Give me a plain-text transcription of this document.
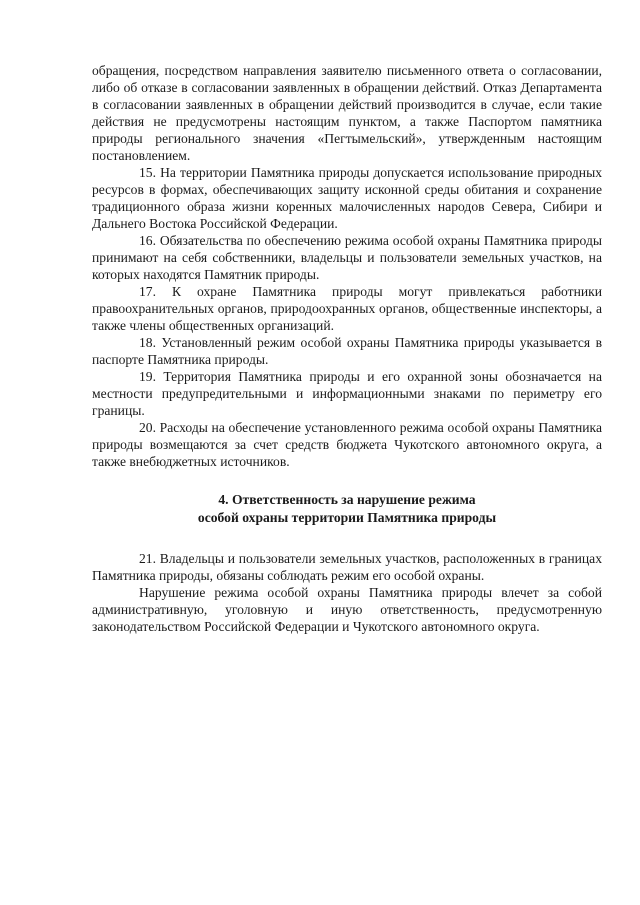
обращения, посредством направления заявителю письменного ответа о согласовании, либо об отказе в согласовании заявленных в обращении действий. Отказ Департамента в согласовании заявленных в обращении действий производится в случае, если такие действия не предусмотрены настоящим пунктом, а также Паспортом памятника природы регионального значения «Пегтымельский», утвержденным настоящим постановлением.

15. На территории Памятника природы допускается использование природных ресурсов в формах, обеспечивающих защиту исконной среды обитания и сохранение традиционного образа жизни коренных малочисленных народов Севера, Сибири и Дальнего Востока Российской Федерации.

16. Обязательства по обеспечению режима особой охраны Памятника природы принимают на себя собственники, владельцы и пользователи земельных участков, на которых находятся Памятник природы.

17. К охране Памятника природы могут привлекаться работники правоохранительных органов, природоохранных органов, общественные инспекторы, а также члены общественных организаций.

18. Установленный режим особой охраны Памятника природы указывается в паспорте Памятника природы.

19. Территория Памятника природы и его охранной зоны обозначается на местности предупредительными и информационными знаками по периметру его границы.

20. Расходы на обеспечение установленного режима особой охраны Памятника природы возмещаются за счет средств бюджета Чукотского автономного округа, а также внебюджетных источников.

4. Ответственность за нарушение режима

особой охраны территории Памятника природы

21. Владельцы и пользователи земельных участков, расположенных в границах Памятника природы, обязаны соблюдать режим его особой охраны.

Нарушение режима особой охраны Памятника природы влечет за собой административную, уголовную и иную ответственность, предусмотренную законодательством Российской Федерации и Чукотского автономного округа.
